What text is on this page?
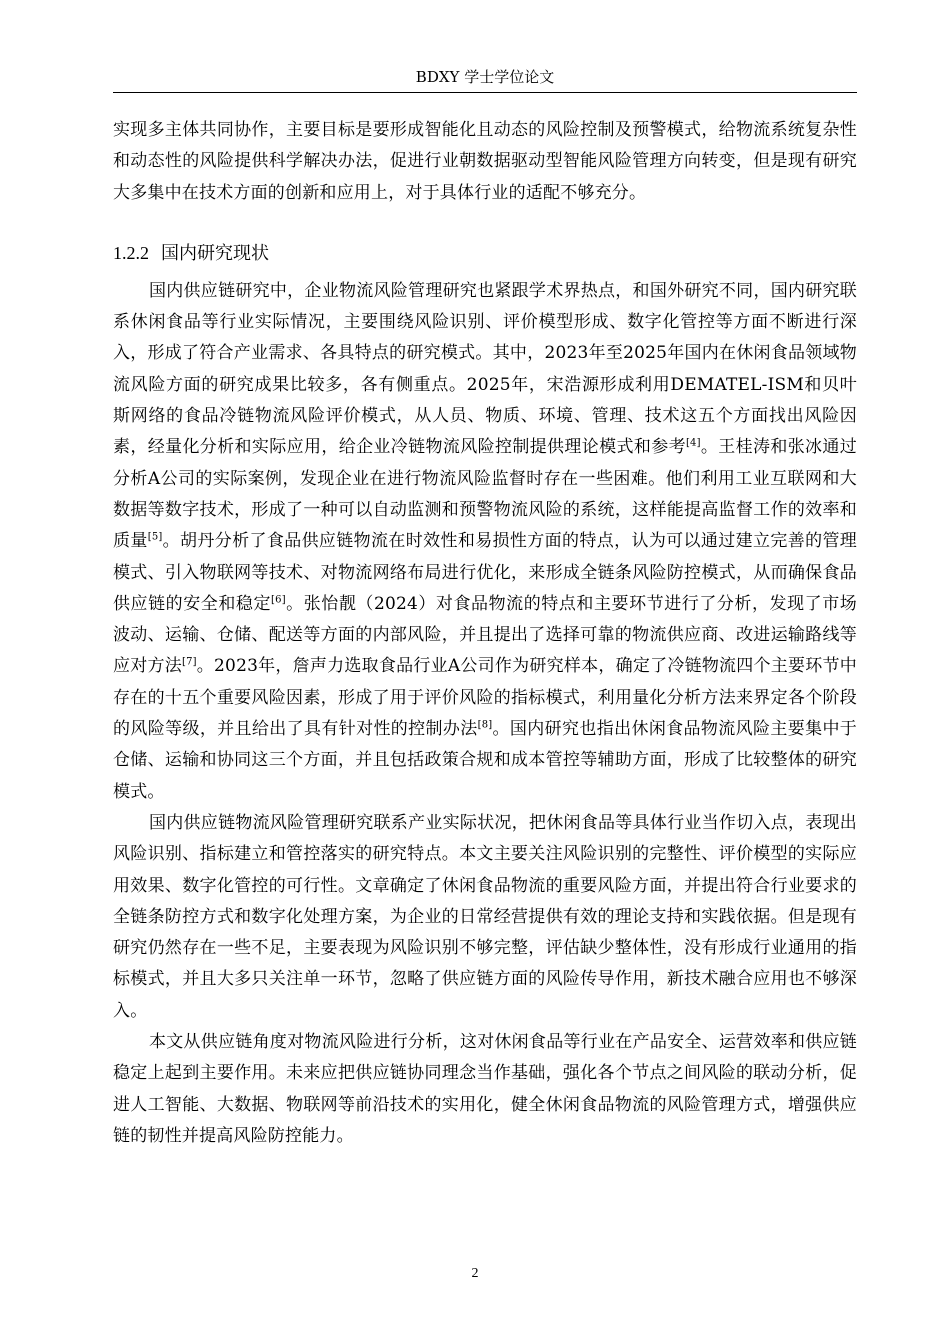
BDXY 学士学位论文

实现多主体共同协作，主要目标是要形成智能化且动态的风险控制及预警模式，给物流系统复杂性和动态性的风险提供科学解决办法，促进行业朝数据驱动型智能风险管理方向转变，但是现有研究大多集中在技术方面的创新和应用上，对于具体行业的适配不够充分。

1.2.2 国内研究现状

国内供应链研究中，企业物流风险管理研究也紧跟学术界热点，和国外研究不同，国内研究联系休闲食品等行业实际情况，主要围绕风险识别、评价模型形成、数字化管控等方面不断进行深入，形成了符合产业需求、各具特点的研究模式。其中，2023年至2025年国内在休闲食品领域物流风险方面的研究成果比较多，各有侧重点。2025年，宋浩源形成利用DEMATEL-ISM和贝叶斯网络的食品冷链物流风险评价模式，从人员、物质、环境、管理、技术这五个方面找出风险因素，经量化分析和实际应用，给企业冷链物流风险控制提供理论模式和参考[4]。王桂涛和张冰通过分析A公司的实际案例，发现企业在进行物流风险监督时存在一些困难。他们利用工业互联网和大数据等数字技术，形成了一种可以自动监测和预警物流风险的系统，这样能提高监督工作的效率和质量[5]。胡丹分析了食品供应链物流在时效性和易损性方面的特点，认为可以通过建立完善的管理模式、引入物联网等技术、对物流网络布局进行优化，来形成全链条风险防控模式，从而确保食品供应链的安全和稳定[6]。张怡靓（2024）对食品物流的特点和主要环节进行了分析，发现了市场波动、运输、仓储、配送等方面的内部风险，并且提出了选择可靠的物流供应商、改进运输路线等应对方法[7]。2023年，詹声力选取食品行业A公司作为研究样本，确定了冷链物流四个主要环节中存在的十五个重要风险因素，形成了用于评价风险的指标模式，利用量化分析方法来界定各个阶段的风险等级，并且给出了具有针对性的控制办法[8]。国内研究也指出休闲食品物流风险主要集中于仓储、运输和协同这三个方面，并且包括政策合规和成本管控等辅助方面，形成了比较整体的研究模式。

国内供应链物流风险管理研究联系产业实际状况，把休闲食品等具体行业当作切入点，表现出风险识别、指标建立和管控落实的研究特点。本文主要关注风险识别的完整性、评价模型的实际应用效果、数字化管控的可行性。文章确定了休闲食品物流的重要风险方面，并提出符合行业要求的全链条防控方式和数字化处理方案，为企业的日常经营提供有效的理论支持和实践依据。但是现有研究仍然存在一些不足，主要表现为风险识别不够完整，评估缺少整体性，没有形成行业通用的指标模式，并且大多只关注单一环节，忽略了供应链方面的风险传导作用，新技术融合应用也不够深入。

本文从供应链角度对物流风险进行分析，这对休闲食品等行业在产品安全、运营效率和供应链稳定上起到主要作用。未来应把供应链协同理念当作基础，强化各个节点之间风险的联动分析，促进人工智能、大数据、物联网等前沿技术的实用化，健全休闲食品物流的风险管理方式，增强供应链的韧性并提高风险防控能力。

2
